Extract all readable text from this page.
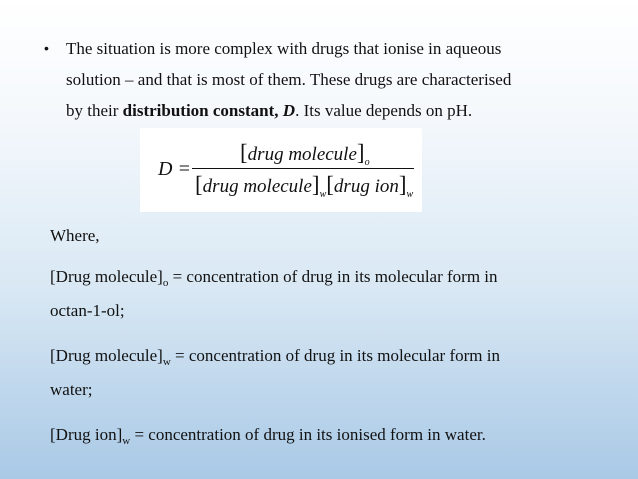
• The situation is more complex with drugs that ionise in aqueous
solution – and that is most of them. These drugs are characterised
by their distribution constant, D. Its value depends on pH.
D =
[drug $molecule]_o$
[drug $molecule]_w[drug$ $ion]_w$
Where,
[Drug $molecule]_o$ = concentration of drug in its molecular form in
octan-1-ol;
[Drug $molecule]_w$ = concentration of drug in its molecular form in
water;
[Drug $ion]_w$ = concentration of drug in its ionised form in water.
